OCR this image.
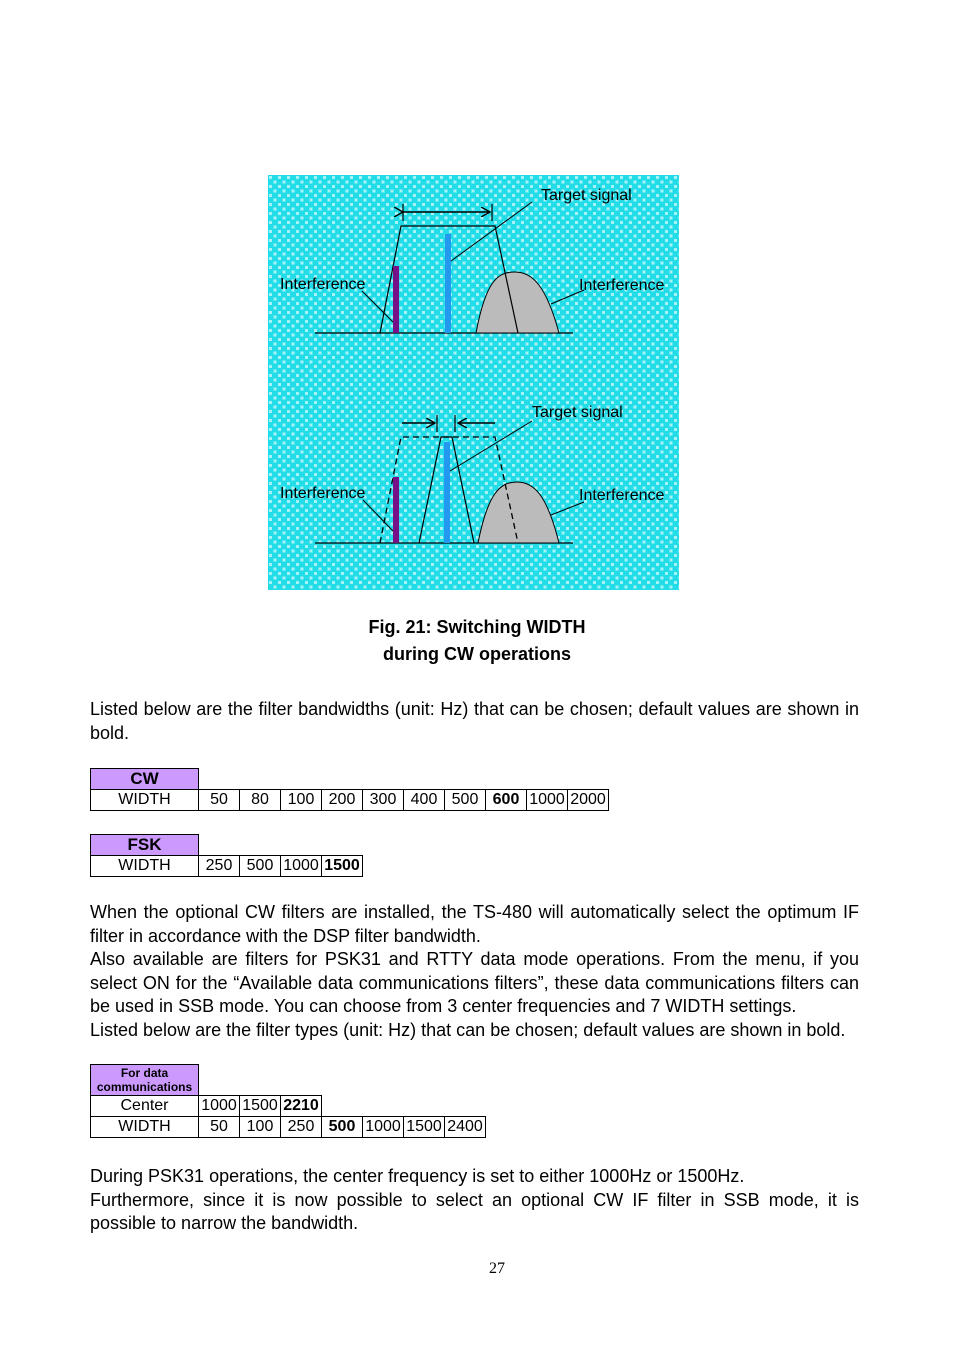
Target signal
Interference	Interference
Target signal
Interference	Interference
Fig. 21: Switching WIDTH
during CW operations

Listed below are the filter bandwidths (unit: Hz) that can be chosen; default values are shown in bold.

CW										
WIDTH	50	80	100	200	300	400	500	600	1000	2000
FSK				
WIDTH	250	500	1000	1500

When the optional CW filters are installed, the TS-480 will automatically select the optimum IF filter in accordance with the DSP filter bandwidth.

Also available are filters for PSK31 and RTTY data mode operations. From the menu, if you select ON for the “Available data communications filters”, these data communications filters can be used in SSB mode. You can choose from 3 center frequencies and 7 WIDTH settings.

Listed below are the filter types (unit: Hz) that can be chosen; default values are shown in bold.

For data
communications							
Center	1000	1500	2210				
WIDTH	50	100	250	500	1000	1500	2400

During PSK31 operations, the center frequency is set to either 1000Hz or 1500Hz.

Furthermore, since it is now possible to select an optional CW IF filter in SSB mode, it is possible to narrow the bandwidth.

27
